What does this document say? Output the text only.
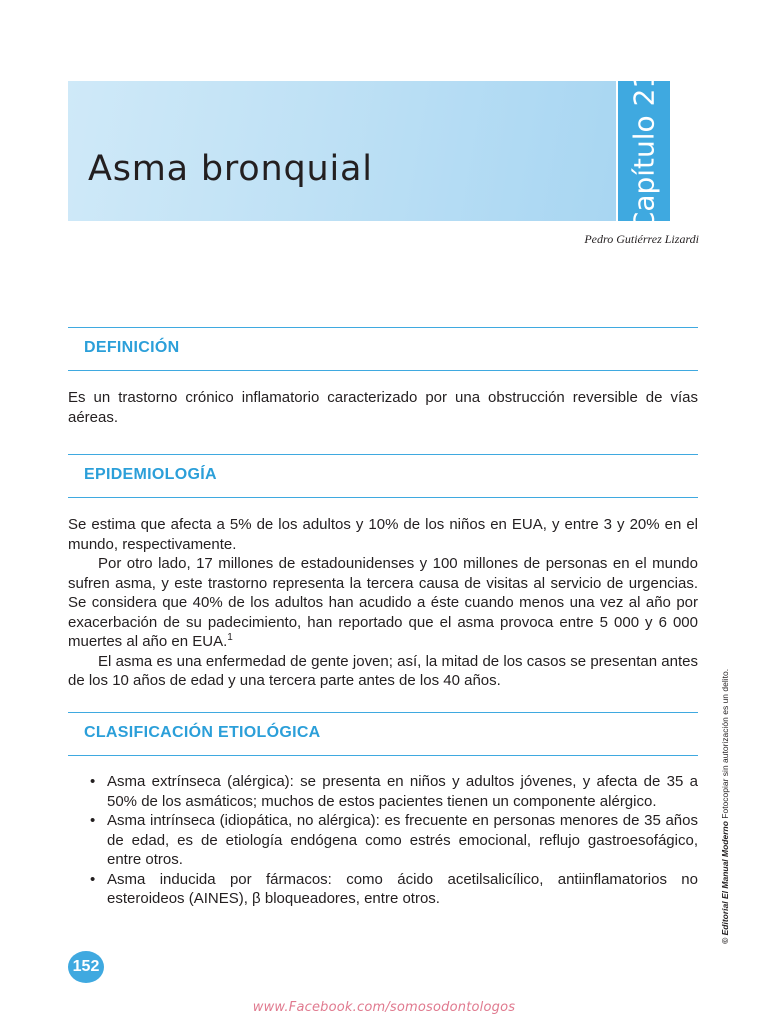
Asma bronquial	Capítulo 21
Pedro Gutiérrez Lizardi
DEFINICIÓN

Es un trastorno crónico inflamatorio caracterizado por una obstrucción reversible de vías aéreas.

EPIDEMIOLOGÍA

Se estima que afecta a 5% de los adultos y 10% de los niños en EUA, y entre 3 y 20% en el mundo, respectivamente.

Por otro lado, 17 millones de estadounidenses y 100 millones de personas en el mundo sufren asma, y este trastorno representa la tercera causa de visitas al servicio de urgencias. Se considera que 40% de los adultos han acudido a éste cuando menos una vez al año por exacerbación de su padecimiento, han reportado que el asma provoca entre 5 000 y 6 000 muertes al año en EUA.$^1$

El asma es una enfermedad de gente joven; así, la mitad de los casos se presentan antes de los 10 años de edad y una tercera parte antes de los 40 años.

CLASIFICACIÓN ETIOLÓGICA
• Asma extrínseca (alérgica): se presenta en niños y adultos jóvenes, y afecta de 35 a 50% de los asmáticos; muchos de estos pacientes tienen un componente alérgico.
• Asma intrínseca (idiopática, no alérgica): es frecuente en personas menores de 35 años de edad, es de etiología endógena como estrés emocional, reflujo gastroesofágico, entre otros.
• Asma inducida por fármacos: como ácido acetilsalicílico, antiinflamatorios no esteroideos (AINES), β bloqueadores, entre otros.	© Editorial El Manual Moderno Fotocopiar sin autorización es un delito.
152
www.Facebook.com/somosodontologos
